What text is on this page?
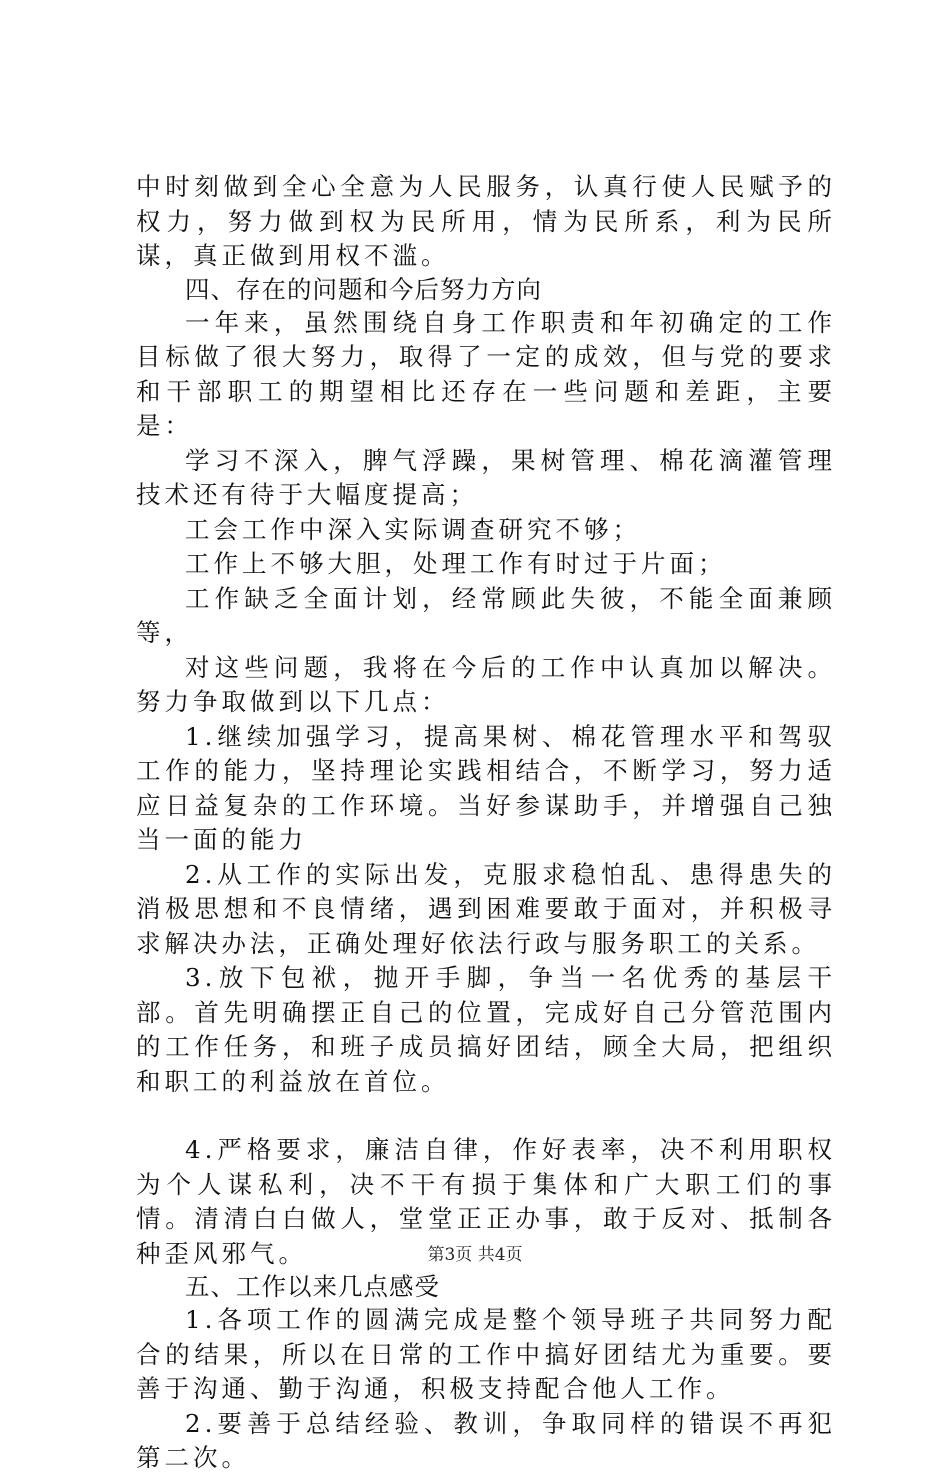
中时刻做到全心全意为人民服务，认真行使人民赋予的权力，努力做到权为民所用，情为民所系，利为民所谋，真正做到用权不滥。

四、存在的问题和今后努力方向

一年来，虽然围绕自身工作职责和年初确定的工作目标做了很大努力，取得了一定的成效，但与党的要求和干部职工的期望相比还存在一些问题和差距，主要是：

学习不深入，脾气浮躁，果树管理、棉花滴灌管理技术还有待于大幅度提高；

工会工作中深入实际调查研究不够；

工作上不够大胆，处理工作有时过于片面；

工作缺乏全面计划，经常顾此失彼，不能全面兼顾等，

对这些问题，我将在今后的工作中认真加以解决。努力争取做到以下几点：

1.继续加强学习，提高果树、棉花管理水平和驾驭工作的能力，坚持理论实践相结合，不断学习，努力适应日益复杂的工作环境。当好参谋助手，并增强自己独当一面的能力

2.从工作的实际出发，克服求稳怕乱、患得患失的消极思想和不良情绪，遇到困难要敢于面对，并积极寻求解决办法，正确处理好依法行政与服务职工的关系。

3.放下包袱，抛开手脚，争当一名优秀的基层干部。首先明确摆正自己的位置，完成好自己分管范围内的工作任务，和班子成员搞好团结，顾全大局，把组织和职工的利益放在首位。

4.严格要求，廉洁自律，作好表率，决不利用职权为个人谋私利，决不干有损于集体和广大职工们的事情。清清白白做人，堂堂正正办事，敢于反对、抵制各种歪风邪气。

五、工作以来几点感受

1.各项工作的圆满完成是整个领导班子共同努力配合的结果，所以在日常的工作中搞好团结尤为重要。要善于沟通、勤于沟通，积极支持配合他人工作。

2.要善于总结经验、教训，争取同样的错误不再犯第二次。

第3页 共4页
